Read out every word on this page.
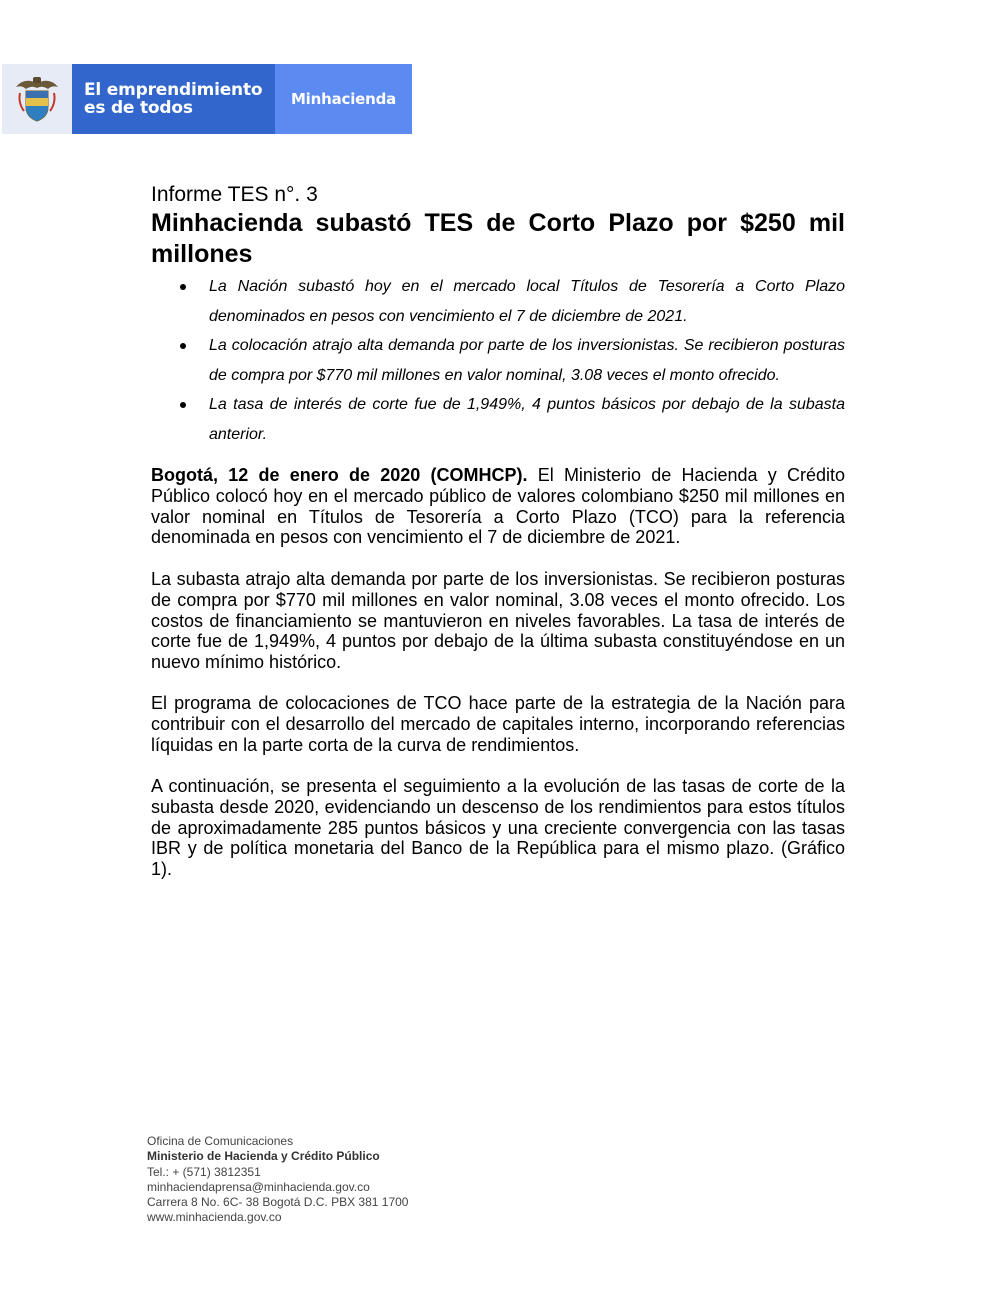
El emprendimiento
es de todos	Minhacienda
Informe TES n°. 3
Minhacienda subastó TES de Corto Plazo por $250 mil millones
La Nación subastó hoy en el mercado local Títulos de Tesorería a Corto Plazo denominados en pesos con vencimiento el 7 de diciembre de 2021.
La colocación atrajo alta demanda por parte de los inversionistas. Se recibieron posturas de compra por $770 mil millones en valor nominal, 3.08 veces el monto ofrecido.
La tasa de interés de corte fue de 1,949%, 4 puntos básicos por debajo de la subasta anterior.

Bogotá, 12 de enero de 2020 (COMHCP). El Ministerio de Hacienda y Crédito Público colocó hoy en el mercado público de valores colombiano $250 mil millones en valor nominal en Títulos de Tesorería a Corto Plazo (TCO) para la referencia denominada en pesos con vencimiento el 7 de diciembre de 2021.

La subasta atrajo alta demanda por parte de los inversionistas. Se recibieron posturas de compra por $770 mil millones en valor nominal, 3.08 veces el monto ofrecido. Los costos de financiamiento se mantuvieron en niveles favorables. La tasa de interés de corte fue de 1,949%, 4 puntos por debajo de la última subasta constituyéndose en un nuevo mínimo histórico.

El programa de colocaciones de TCO hace parte de la estrategia de la Nación para contribuir con el desarrollo del mercado de capitales interno, incorporando referencias líquidas en la parte corta de la curva de rendimientos.

A continuación, se presenta el seguimiento a la evolución de las tasas de corte de la subasta desde 2020, evidenciando un descenso de los rendimientos para estos títulos de aproximadamente 285 puntos básicos y una creciente convergencia con las tasas IBR y de política monetaria del Banco de la República para el mismo plazo. (Gráfico 1).

Oficina de Comunicaciones
Ministerio de Hacienda y Crédito Público
Tel.: + (571) 3812351
minhaciendaprensa@minhacienda.gov.co
Carrera 8 No. 6C- 38 Bogotá D.C. PBX 381 1700
www.minhacienda.gov.co
